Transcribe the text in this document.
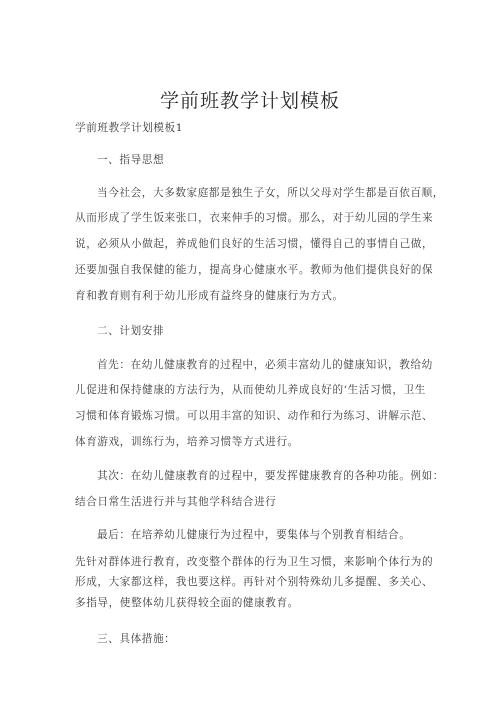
学前班教学计划模板
学前班教学计划模板1
一、指导思想
当今社会，大多数家庭都是独生子女，所以父母对学生都是百依百顺，
从而形成了学生饭来张口，衣来伸手的习惯。那么，对于幼儿园的学生来
说，必须从小做起，养成他们良好的生活习惯，懂得自己的事情自己做，
还要加强自我保健的能力，提高身心健康水平。教师为他们提供良好的保
育和教育则有利于幼儿形成有益终身的健康行为方式。
二、计划安排
首先：在幼儿健康教育的过程中，必须丰富幼儿的健康知识，教给幼
儿促进和保持健康的方法行为，从而使幼儿养成良好的‘生活习惯，卫生
习惯和体育锻炼习惯。可以用丰富的知识、动作和行为练习、讲解示范、
体育游戏，训练行为，培养习惯等方式进行。
其次：在幼儿健康教育的过程中，要发挥健康教育的各种功能。例如：
结合日常生活进行并与其他学科结合进行
最后：在培养幼儿健康行为过程中，要集体与个别教育相结合。
先针对群体进行教育，改变整个群体的行为卫生习惯，来影响个体行为的
形成，大家都这样，我也要这样。再针对个别特殊幼儿多提醒、多关心、
多指导，使整体幼儿获得较全面的健康教育。
三、具体措施：
